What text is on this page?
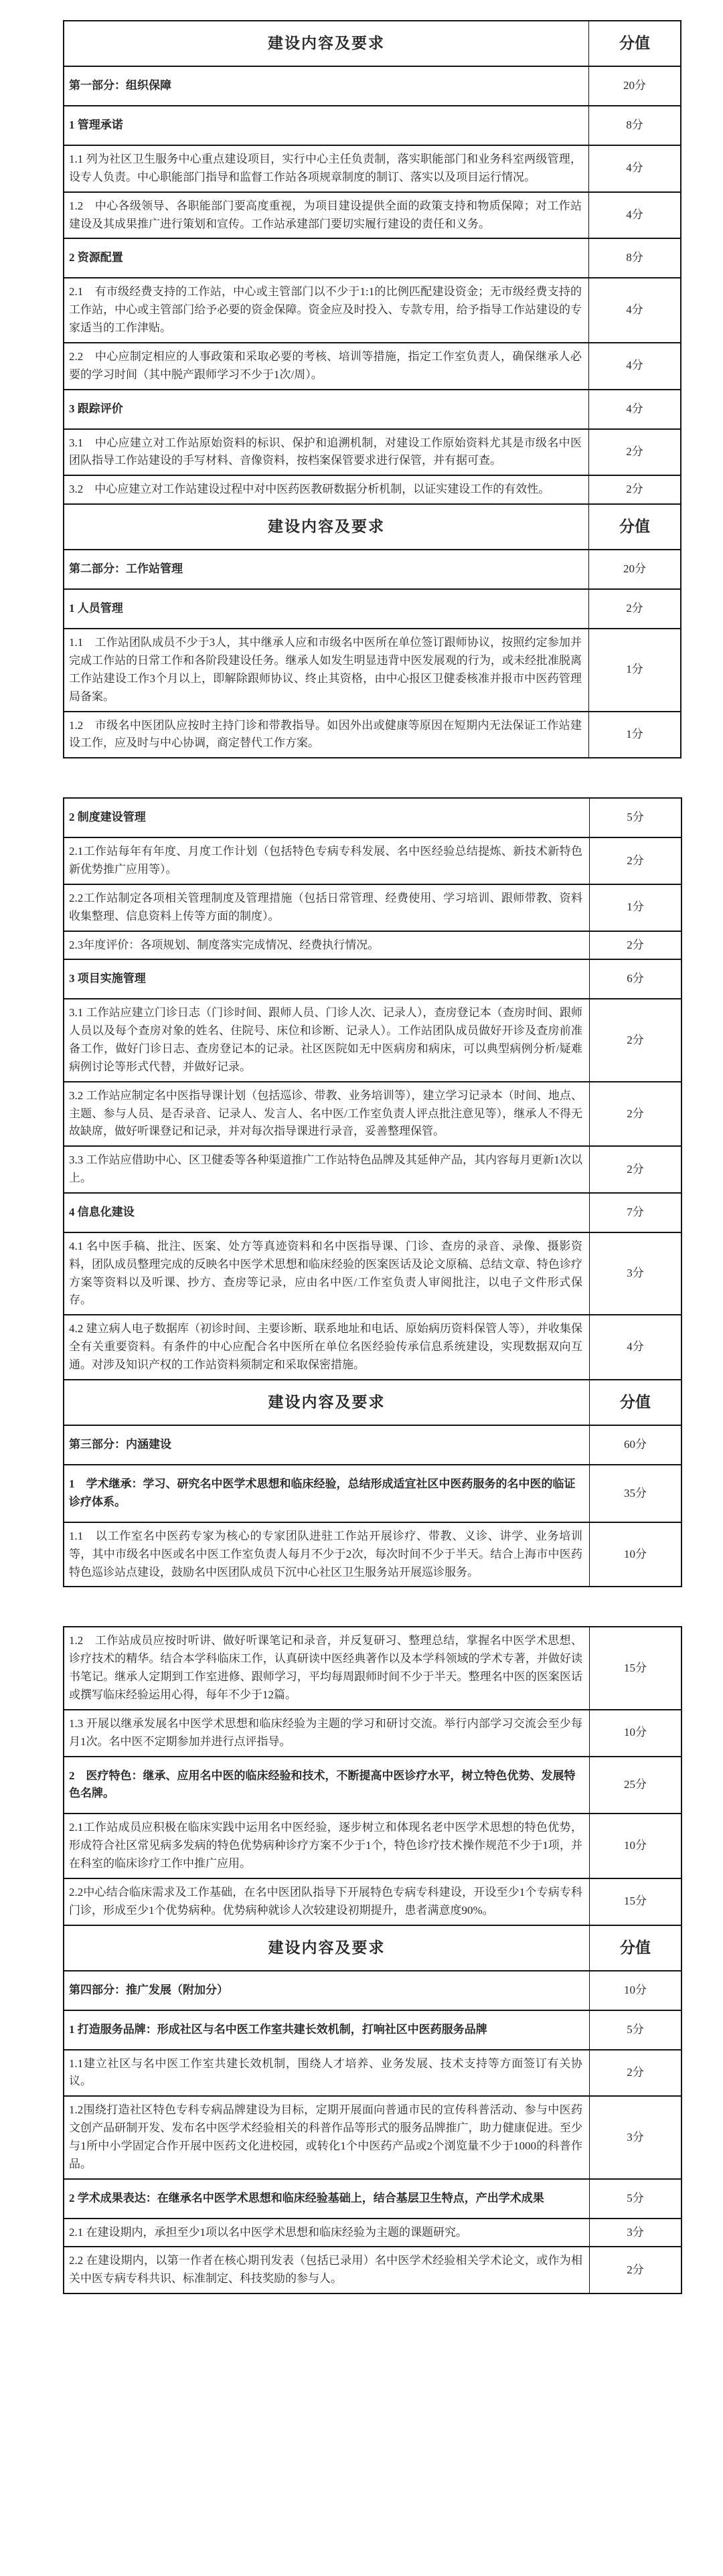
建设内容及要求	分值
第一部分：组织保障	20分
1 管理承诺	8分
1.1 列为社区卫生服务中心重点建设项目，实行中心主任负责制，落实职能部门和业务科室两级管理，设专人负责。中心职能部门指导和监督工作站各项规章制度的制订、落实以及项目运行情况。	4分
1.2　中心各级领导、各职能部门要高度重视，为项目建设提供全面的政策支持和物质保障；对工作站建设及其成果推广进行策划和宣传。工作站承建部门要切实履行建设的责任和义务。	4分
2 资源配置	8分
2.1　有市级经费支持的工作站，中心或主管部门以不少于1:1的比例匹配建设资金；无市级经费支持的工作站，中心或主管部门给予必要的资金保障。资金应及时投入、专款专用，给予指导工作站建设的专家适当的工作津贴。	4分
2.2　中心应制定相应的人事政策和采取必要的考核、培训等措施，指定工作室负责人，确保继承人必要的学习时间（其中脱产跟师学习不少于1次/周）。	4分
3 跟踪评价	4分
3.1　中心应建立对工作站原始资料的标识、保护和追溯机制，对建设工作原始资料尤其是市级名中医团队指导工作站建设的手写材料、音像资料，按档案保管要求进行保管，并有据可查。	2分
3.2　中心应建立对工作站建设过程中对中医药医教研数据分析机制，以证实建设工作的有效性。	2分
建设内容及要求	分值
第二部分：工作站管理	20分
1 人员管理	2分
1.1　工作站团队成员不少于3人，其中继承人应和市级名中医所在单位签订跟师协议，按照约定参加并完成工作站的日常工作和各阶段建设任务。继承人如发生明显违背中医发展观的行为，或未经批准脱离工作站建设工作3个月以上，即解除跟师协议、终止其资格，由中心报区卫健委核准并报市中医药管理局备案。	1分
1.2　市级名中医团队应按时主持门诊和带教指导。如因外出或健康等原因在短期内无法保证工作站建设工作，应及时与中心协调，商定替代工作方案。	1分
2 制度建设管理	5分
2.1工作站每年有年度、月度工作计划（包括特色专病专科发展、名中医经验总结提炼、新技术新特色新优势推广应用等）。	2分
2.2工作站制定各项相关管理制度及管理措施（包括日常管理、经费使用、学习培训、跟师带教、资料收集整理、信息资料上传等方面的制度）。	1分
2.3年度评价：各项规划、制度落实完成情况、经费执行情况。	2分
3 项目实施管理	6分
3.1 工作站应建立门诊日志（门诊时间、跟师人员、门诊人次、记录人），查房登记本（查房时间、跟师人员以及每个查房对象的姓名、住院号、床位和诊断、记录人）。工作站团队成员做好开诊及查房前准备工作，做好门诊日志、查房登记本的记录。社区医院如无中医病房和病床，可以典型病例分析/疑难病例讨论等形式代替，并做好记录。	2分
3.2 工作站应制定名中医指导课计划（包括巡诊、带教、业务培训等），建立学习记录本（时间、地点、主题、参与人员、是否录音、记录人、发言人、名中医/工作室负责人评点批注意见等），继承人不得无故缺席，做好听课登记和记录，并对每次指导课进行录音，妥善整理保管。	2分
3.3 工作站应借助中心、区卫健委等各种渠道推广工作站特色品牌及其延伸产品，其内容每月更新1次以上。	2分
4 信息化建设	7分
4.1 名中医手稿、批注、医案、处方等真迹资料和名中医指导课、门诊、查房的录音、录像、摄影资料，团队成员整理完成的反映名中医学术思想和临床经验的医案医话及论文原稿、总结文章、特色诊疗方案等资料以及听课、抄方、查房等记录，应由名中医/工作室负责人审阅批注，以电子文件形式保存。	3分
4.2 建立病人电子数据库（初诊时间、主要诊断、联系地址和电话、原始病历资料保管人等），并收集保全有关重要资料。有条件的中心应配合名中医所在单位名医经验传承信息系统建设，实现数据双向互通。对涉及知识产权的工作站资料须制定和采取保密措施。	4分
建设内容及要求	分值
第三部分：内涵建设	60分
1　学术继承：学习、研究名中医学术思想和临床经验，总结形成适宜社区中医药服务的名中医的临证诊疗体系。	35分
1.1　以工作室名中医药专家为核心的专家团队进驻工作站开展诊疗、带教、义诊、讲学、业务培训等，其中市级名中医或名中医工作室负责人每月不少于2次，每次时间不少于半天。结合上海市中医药特色巡诊站点建设，鼓励名中医团队成员下沉中心社区卫生服务站开展巡诊服务。	10分
1.2　工作站成员应按时听讲、做好听课笔记和录音，并反复研习、整理总结，掌握名中医学术思想、诊疗技术的精华。结合本学科临床工作，认真研读中医经典著作以及本学科领域的学术专著，并做好读书笔记。继承人定期到工作室进修、跟师学习，平均每周跟师时间不少于半天。整理名中医的医案医话或撰写临床经验运用心得，每年不少于12篇。	15分
1.3 开展以继承发展名中医学术思想和临床经验为主题的学习和研讨交流。举行内部学习交流会至少每月1次。名中医不定期参加并进行点评指导。	10分
2　医疗特色：继承、应用名中医的临床经验和技术，不断提高中医诊疗水平，树立特色优势、发展特色名牌。	25分
2.1工作站成员应积极在临床实践中运用名中医经验，逐步树立和体现名老中医学术思想的特色优势，形成符合社区常见病多发病的特色优势病种诊疗方案不少于1个，特色诊疗技术操作规范不少于1项，并在科室的临床诊疗工作中推广应用。	10分
2.2中心结合临床需求及工作基础，在名中医团队指导下开展特色专病专科建设，开设至少1个专病专科门诊，形成至少1个优势病种。优势病种就诊人次较建设初期提升，患者满意度90%。	15分
建设内容及要求	分值
第四部分：推广发展（附加分）	10分
1 打造服务品牌：形成社区与名中医工作室共建长效机制，打响社区中医药服务品牌	5分
1.1建立社区与名中医工作室共建长效机制，围绕人才培养、业务发展、技术支持等方面签订有关协议。	2分
1.2围绕打造社区特色专科专病品牌建设为目标，定期开展面向普通市民的宣传科普活动、参与中医药文创产品研制开发、发布名中医学术经验相关的科普作品等形式的服务品牌推广，助力健康促进。至少与1所中小学固定合作开展中医药文化进校园，或转化1个中医药产品或2个浏览量不少于1000的科普作品。	3分
2 学术成果表达：在继承名中医学术思想和临床经验基础上，结合基层卫生特点，产出学术成果	5分
2.1 在建设期内，承担至少1项以名中医学术思想和临床经验为主题的课题研究。	3分
2.2 在建设期内，以第一作者在核心期刊发表（包括已录用）名中医学术经验相关学术论文，或作为相关中医专病专科共识、标准制定、科技奖励的参与人。	2分
